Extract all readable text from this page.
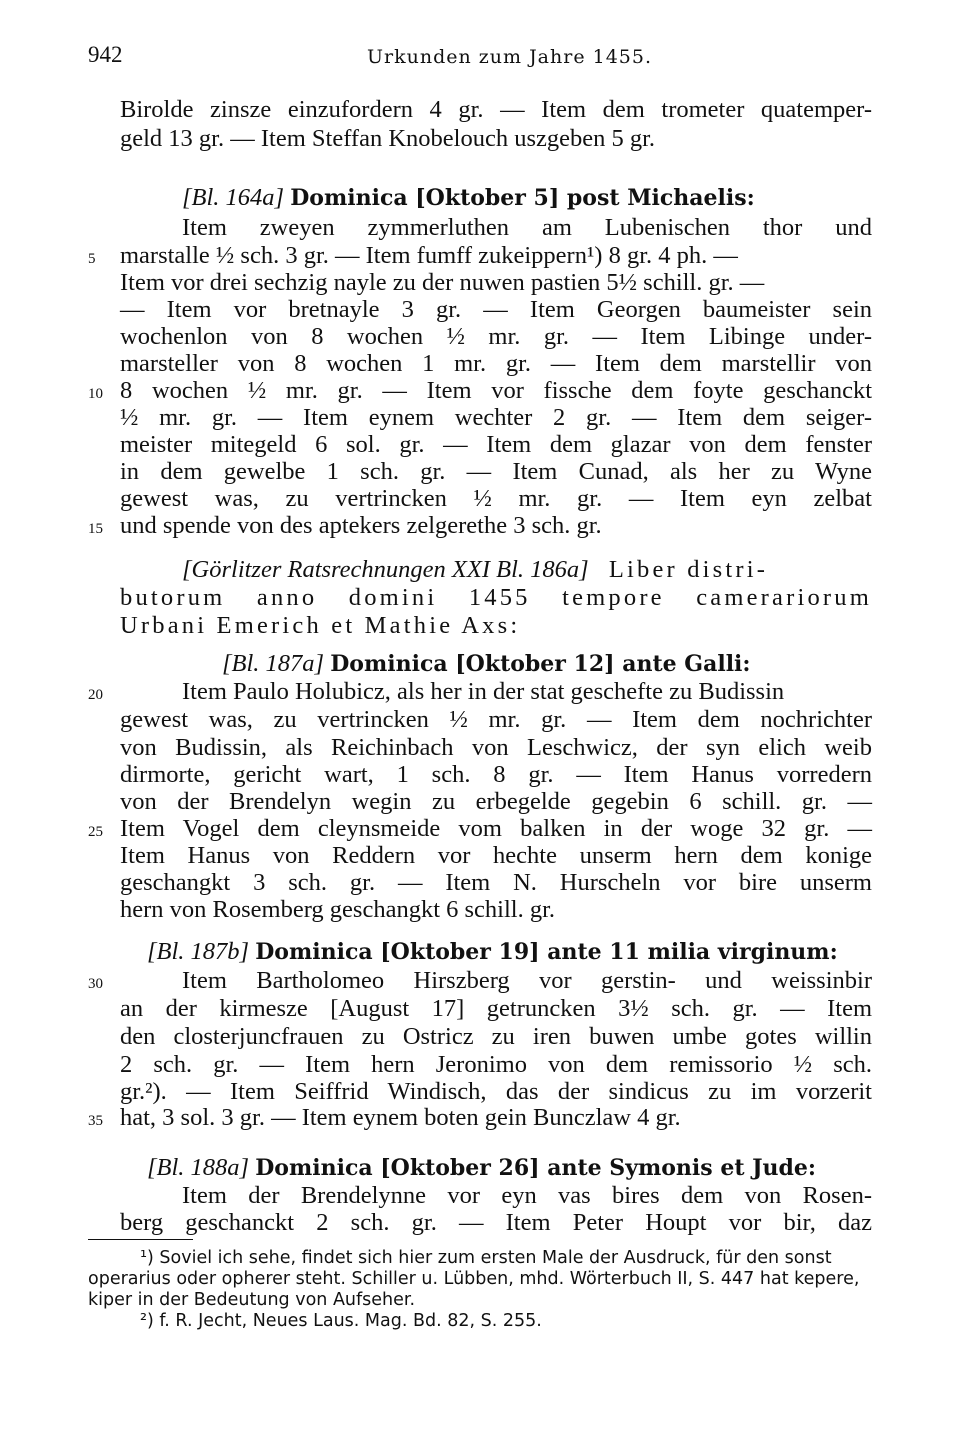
942	Urkunden zum Jahre 1455.
Birolde zinsze einzufordern 4 gr. — Item dem trometer quatemper-
geld 13 gr. — Item Steffan Knobelouch uszgeben 5 gr.
[Bl. 164a] Dominica [Oktober 5] post Michaelis:
Item zweyen zymmerluthen am Lubenischen thor und
marstalle ½ sch. 3 gr. — Item fumff zukeippern¹) 8 gr. 4 ph. —
Item vor drei sechzig nayle zu der nuwen pastien 5½ schill. gr. —
— Item vor bretnayle 3 gr. — Item Georgen baumeister sein
wochenlon von 8 wochen ½ mr. gr. — Item Libinge under-
marsteller von 8 wochen 1 mr. gr. — Item dem marstellir von
8 wochen ½ mr. gr. — Item vor fissche dem foyte geschanckt
½ mr. gr. — Item eynem wechter 2 gr. — Item dem seiger-
meister mitegeld 6 sol. gr. — Item dem glazar von dem fenster
in dem gewelbe 1 sch. gr. — Item Cunad, als her zu Wyne
gewest was, zu vertrincken ½ mr. gr. — Item eyn zelbat
und spende von des aptekers zelgerethe 3 sch. gr.
[Görlitzer Ratsrechnungen XXI Bl. 186a] Liber distri-
butorum anno domini 1455 tempore camerariorum
Urbani Emerich et Mathie Axs:
[Bl. 187a] Dominica [Oktober 12] ante Galli:
Item Paulo Holubicz, als her in der stat geschefte zu Budissin
gewest was, zu vertrincken ½ mr. gr. — Item dem nochrichter
von Budissin, als Reichinbach von Leschwicz, der syn elich weib
dirmorte, gericht wart, 1 sch. 8 gr. — Item Hanus vorredern
von der Brendelyn wegin zu erbegelde gegebin 6 schill. gr. —
Item Vogel dem cleynsmeide vom balken in der woge 32 gr. —
Item Hanus von Reddern vor hechte unserm hern dem konige
geschangkt 3 sch. gr. — Item N. Hurscheln vor bire unserm
hern von Rosemberg geschangkt 6 schill. gr.
[Bl. 187b] Dominica [Oktober 19] ante 11 milia virginum:
Item Bartholomeo Hirszberg vor gerstin- und weissinbir
an der kirmesze [August 17] getruncken 3½ sch. gr. — Item
den closterjuncfrauen zu Ostricz zu iren buwen umbe gotes willin
2 sch. gr. — Item hern Jeronimo von dem remissorio ½ sch.
gr.²). — Item Seiffrid Windisch, das der sindicus zu im vorzerit
hat, 3 sol. 3 gr. — Item eynem boten gein Bunczlaw 4 gr.
[Bl. 188a] Dominica [Oktober 26] ante Symonis et Jude:
Item der Brendelynne vor eyn vas bires dem von Rosen-
berg geschanckt 2 sch. gr. — Item Peter Houpt vor bir, daz
5
10
15
20
25
30
35
¹) Soviel ich sehe, findet sich hier zum ersten Male der Ausdruck, für den sonst
operarius oder opherer steht. Schiller u. Lübben, mhd. Wörterbuch II, S. 447 hat kepere,
kiper in der Bedeutung von Aufseher.
²) f. R. Jecht, Neues Laus. Mag. Bd. 82, S. 255.
